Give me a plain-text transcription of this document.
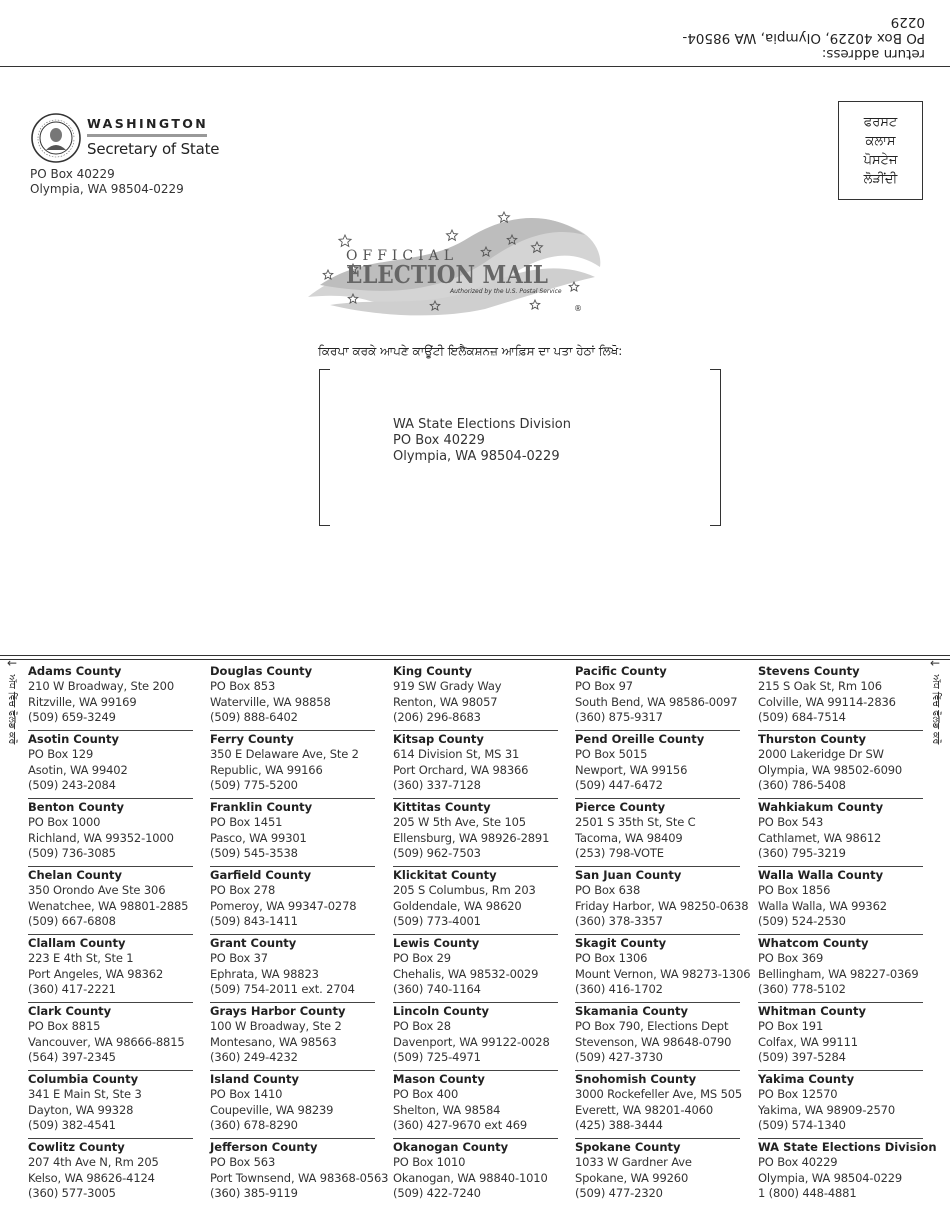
return address:
PO Box 40229, Olympia, WA 98504-0229
WASHINGTON
Secretary of State
PO Box 40229
Olympia, WA 98504-0229
ਫਰਸਟ
ਕਲਾਸ
ਪੋਸਟੇਜ
ਲੋੜੀਂਦੀ
OFFICIAL
ELECTION MAIL
Authorized by the U.S. Postal Service
®
ਕਿਰਪਾ ਕਰਕੇ ਆਪਣੇ ਕਾਊਂਟੀ ਇਲੈਕਸ਼ਨਜ਼ ਆਫ਼ਿਸ ਦਾ ਪਤਾ ਹੇਠਾਂ ਲਿਖੋ:
WA State Elections Division
PO Box 40229
Olympia, WA 98504-0229
←
ਅੱਧ ਵਿੱਚ ਫੋਲਡ ਕਰੋ
←
ਅੱਧ ਵਿੱਚ ਫੋਲਡ ਕਰੋ
Adams County
210 W Broadway, Ste 200
Ritzville, WA 99169
(509) 659-3249
Asotin County
PO Box 129
Asotin, WA 99402
(509) 243-2084
Benton County
PO Box 1000
Richland, WA 99352-1000
(509) 736-3085
Chelan County
350 Orondo Ave Ste 306
Wenatchee, WA 98801-2885
(509) 667-6808
Clallam County
223 E 4th St, Ste 1
Port Angeles, WA 98362
(360) 417-2221
Clark County
PO Box 8815
Vancouver, WA 98666-8815
(564) 397-2345
Columbia County
341 E Main St, Ste 3
Dayton, WA 99328
(509) 382-4541
Cowlitz County
207 4th Ave N, Rm 205
Kelso, WA 98626-4124
(360) 577-3005
Douglas County
PO Box 853
Waterville, WA 98858
(509) 888-6402
Ferry County
350 E Delaware Ave, Ste 2
Republic, WA 99166
(509) 775-5200
Franklin County
PO Box 1451
Pasco, WA 99301
(509) 545-3538
Garfield County
PO Box 278
Pomeroy, WA 99347-0278
(509) 843-1411
Grant County
PO Box 37
Ephrata, WA 98823
(509) 754-2011 ext. 2704
Grays Harbor County
100 W Broadway, Ste 2
Montesano, WA 98563
(360) 249-4232
Island County
PO Box 1410
Coupeville, WA 98239
(360) 678-8290
Jefferson County
PO Box 563
Port Townsend, WA 98368-0563
(360) 385-9119
King County
919 SW Grady Way
Renton, WA 98057
(206) 296-8683
Kitsap County
614 Division St, MS 31
Port Orchard, WA 98366
(360) 337-7128
Kittitas County
205 W 5th Ave, Ste 105
Ellensburg, WA 98926-2891
(509) 962-7503
Klickitat County
205 S Columbus, Rm 203
Goldendale, WA 98620
(509) 773-4001
Lewis County
PO Box 29
Chehalis, WA 98532-0029
(360) 740-1164
Lincoln County
PO Box 28
Davenport, WA 99122-0028
(509) 725-4971
Mason County
PO Box 400
Shelton, WA 98584
(360) 427-9670 ext 469
Okanogan County
PO Box 1010
Okanogan, WA 98840-1010
(509) 422-7240
Pacific County
PO Box 97
South Bend, WA 98586-0097
(360) 875-9317
Pend Oreille County
PO Box 5015
Newport, WA 99156
(509) 447-6472
Pierce County
2501 S 35th St, Ste C
Tacoma, WA 98409
(253) 798-VOTE
San Juan County
PO Box 638
Friday Harbor, WA 98250-0638
(360) 378-3357
Skagit County
PO Box 1306
Mount Vernon, WA 98273-1306
(360) 416-1702
Skamania County
PO Box 790, Elections Dept
Stevenson, WA 98648-0790
(509) 427-3730
Snohomish County
3000 Rockefeller Ave, MS 505
Everett, WA 98201-4060
(425) 388-3444
Spokane County
1033 W Gardner Ave
Spokane, WA 99260
(509) 477-2320
Stevens County
215 S Oak St, Rm 106
Colville, WA 99114-2836
(509) 684-7514
Thurston County
2000 Lakeridge Dr SW
Olympia, WA 98502-6090
(360) 786-5408
Wahkiakum County
PO Box 543
Cathlamet, WA 98612
(360) 795-3219
Walla Walla County
PO Box 1856
Walla Walla, WA 99362
(509) 524-2530
Whatcom County
PO Box 369
Bellingham, WA 98227-0369
(360) 778-5102
Whitman County
PO Box 191
Colfax, WA 99111
(509) 397-5284
Yakima County
PO Box 12570
Yakima, WA 98909-2570
(509) 574-1340
WA State Elections Division
PO Box 40229
Olympia, WA 98504-0229
1 (800) 448-4881
